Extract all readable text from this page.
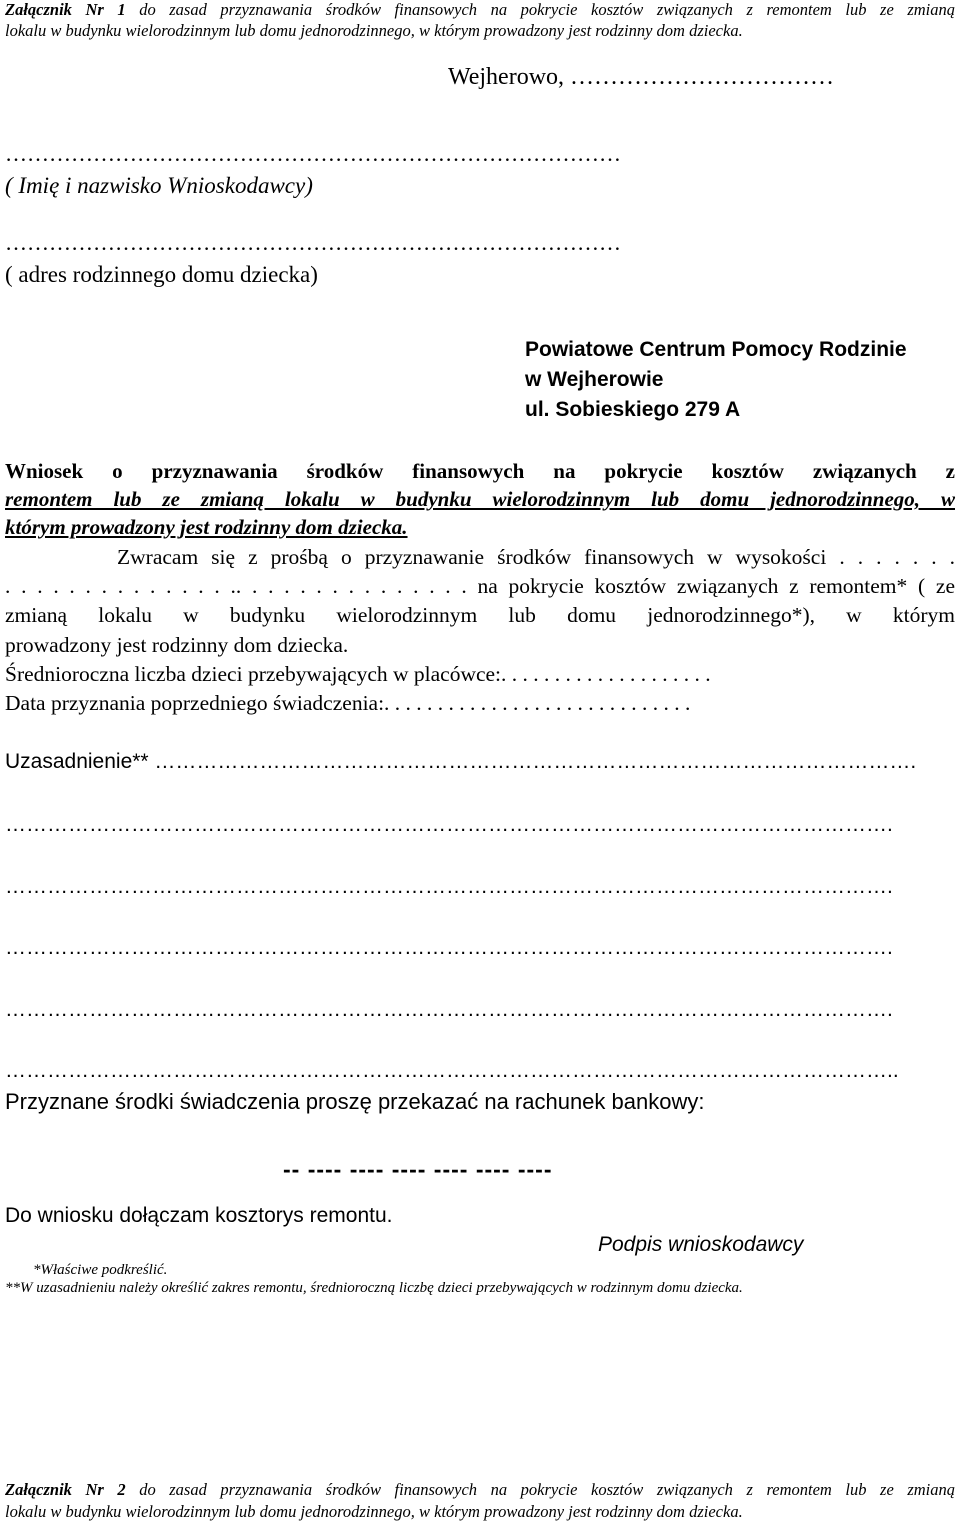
Załącznik Nr 1 do zasad przyznawania środków finansowych na pokrycie kosztów związanych z remontem lub ze zmianą
lokalu w budynku wielorodzinnym lub domu jednorodzinnego, w którym prowadzony jest rodzinny dom dziecka.
Wejherowo, ……………………………
…………………………………………………………………………
( Imię i nazwisko Wnioskodawcy)
…………………………………………………………………………
( adres rodzinnego domu dziecka)
Powiatowe Centrum Pomocy Rodzinie
w Wejherowie
ul. Sobieskiego 279 A
Wniosek o przyznawania środków finansowych na pokrycie kosztów związanych z
remontem lub ze zmianą lokalu w budynku wielorodzinnym lub domu jednorodzinnego, w
którym prowadzony jest rodzinny dom dziecka.
Zwracam się z prośbą o przyznawanie środków finansowych w wysokości . . . . . . .
. . . . . . . . . . . . . . .. . . . . . . . . . . . . . . na pokrycie kosztów związanych z remontem* ( ze
zmianą lokalu w budynku wielorodzinnym lub domu jednorodzinnego*), w którym
prowadzony jest rodzinny dom dziecka.
Średnioroczna liczba dzieci przebywających w placówce:. . . . . . . . . . . . . . . . . . . .
Data przyznania poprzedniego świadczenia:. . . . . . . . . . . . . . . . . . . . . . . . . . . . .
Uzasadnienie** ……………………………………………………………………………………………….
……………………………………………………………………………………………………………….
……………………………………………………………………………………………………………….
……………………………………………………………………………………………………………….
……………………………………………………………………………………………………………….
………………………………………………………………………………………………………………..
Przyznane środki świadczenia proszę przekazać na rachunek bankowy:
-- ---- ---- ---- ---- ---- ----
Do wniosku dołączam kosztorys remontu.
Podpis wnioskodawcy
*Właściwe podkreślić.
**W uzasadnieniu należy określić zakres remontu, średnioroczną liczbę dzieci przebywających w rodzinnym domu dziecka.
Załącznik Nr 2 do zasad przyznawania środków finansowych na pokrycie kosztów związanych z remontem lub ze zmianą
lokalu w budynku wielorodzinnym lub domu jednorodzinnego, w którym prowadzony jest rodzinny dom dziecka.
